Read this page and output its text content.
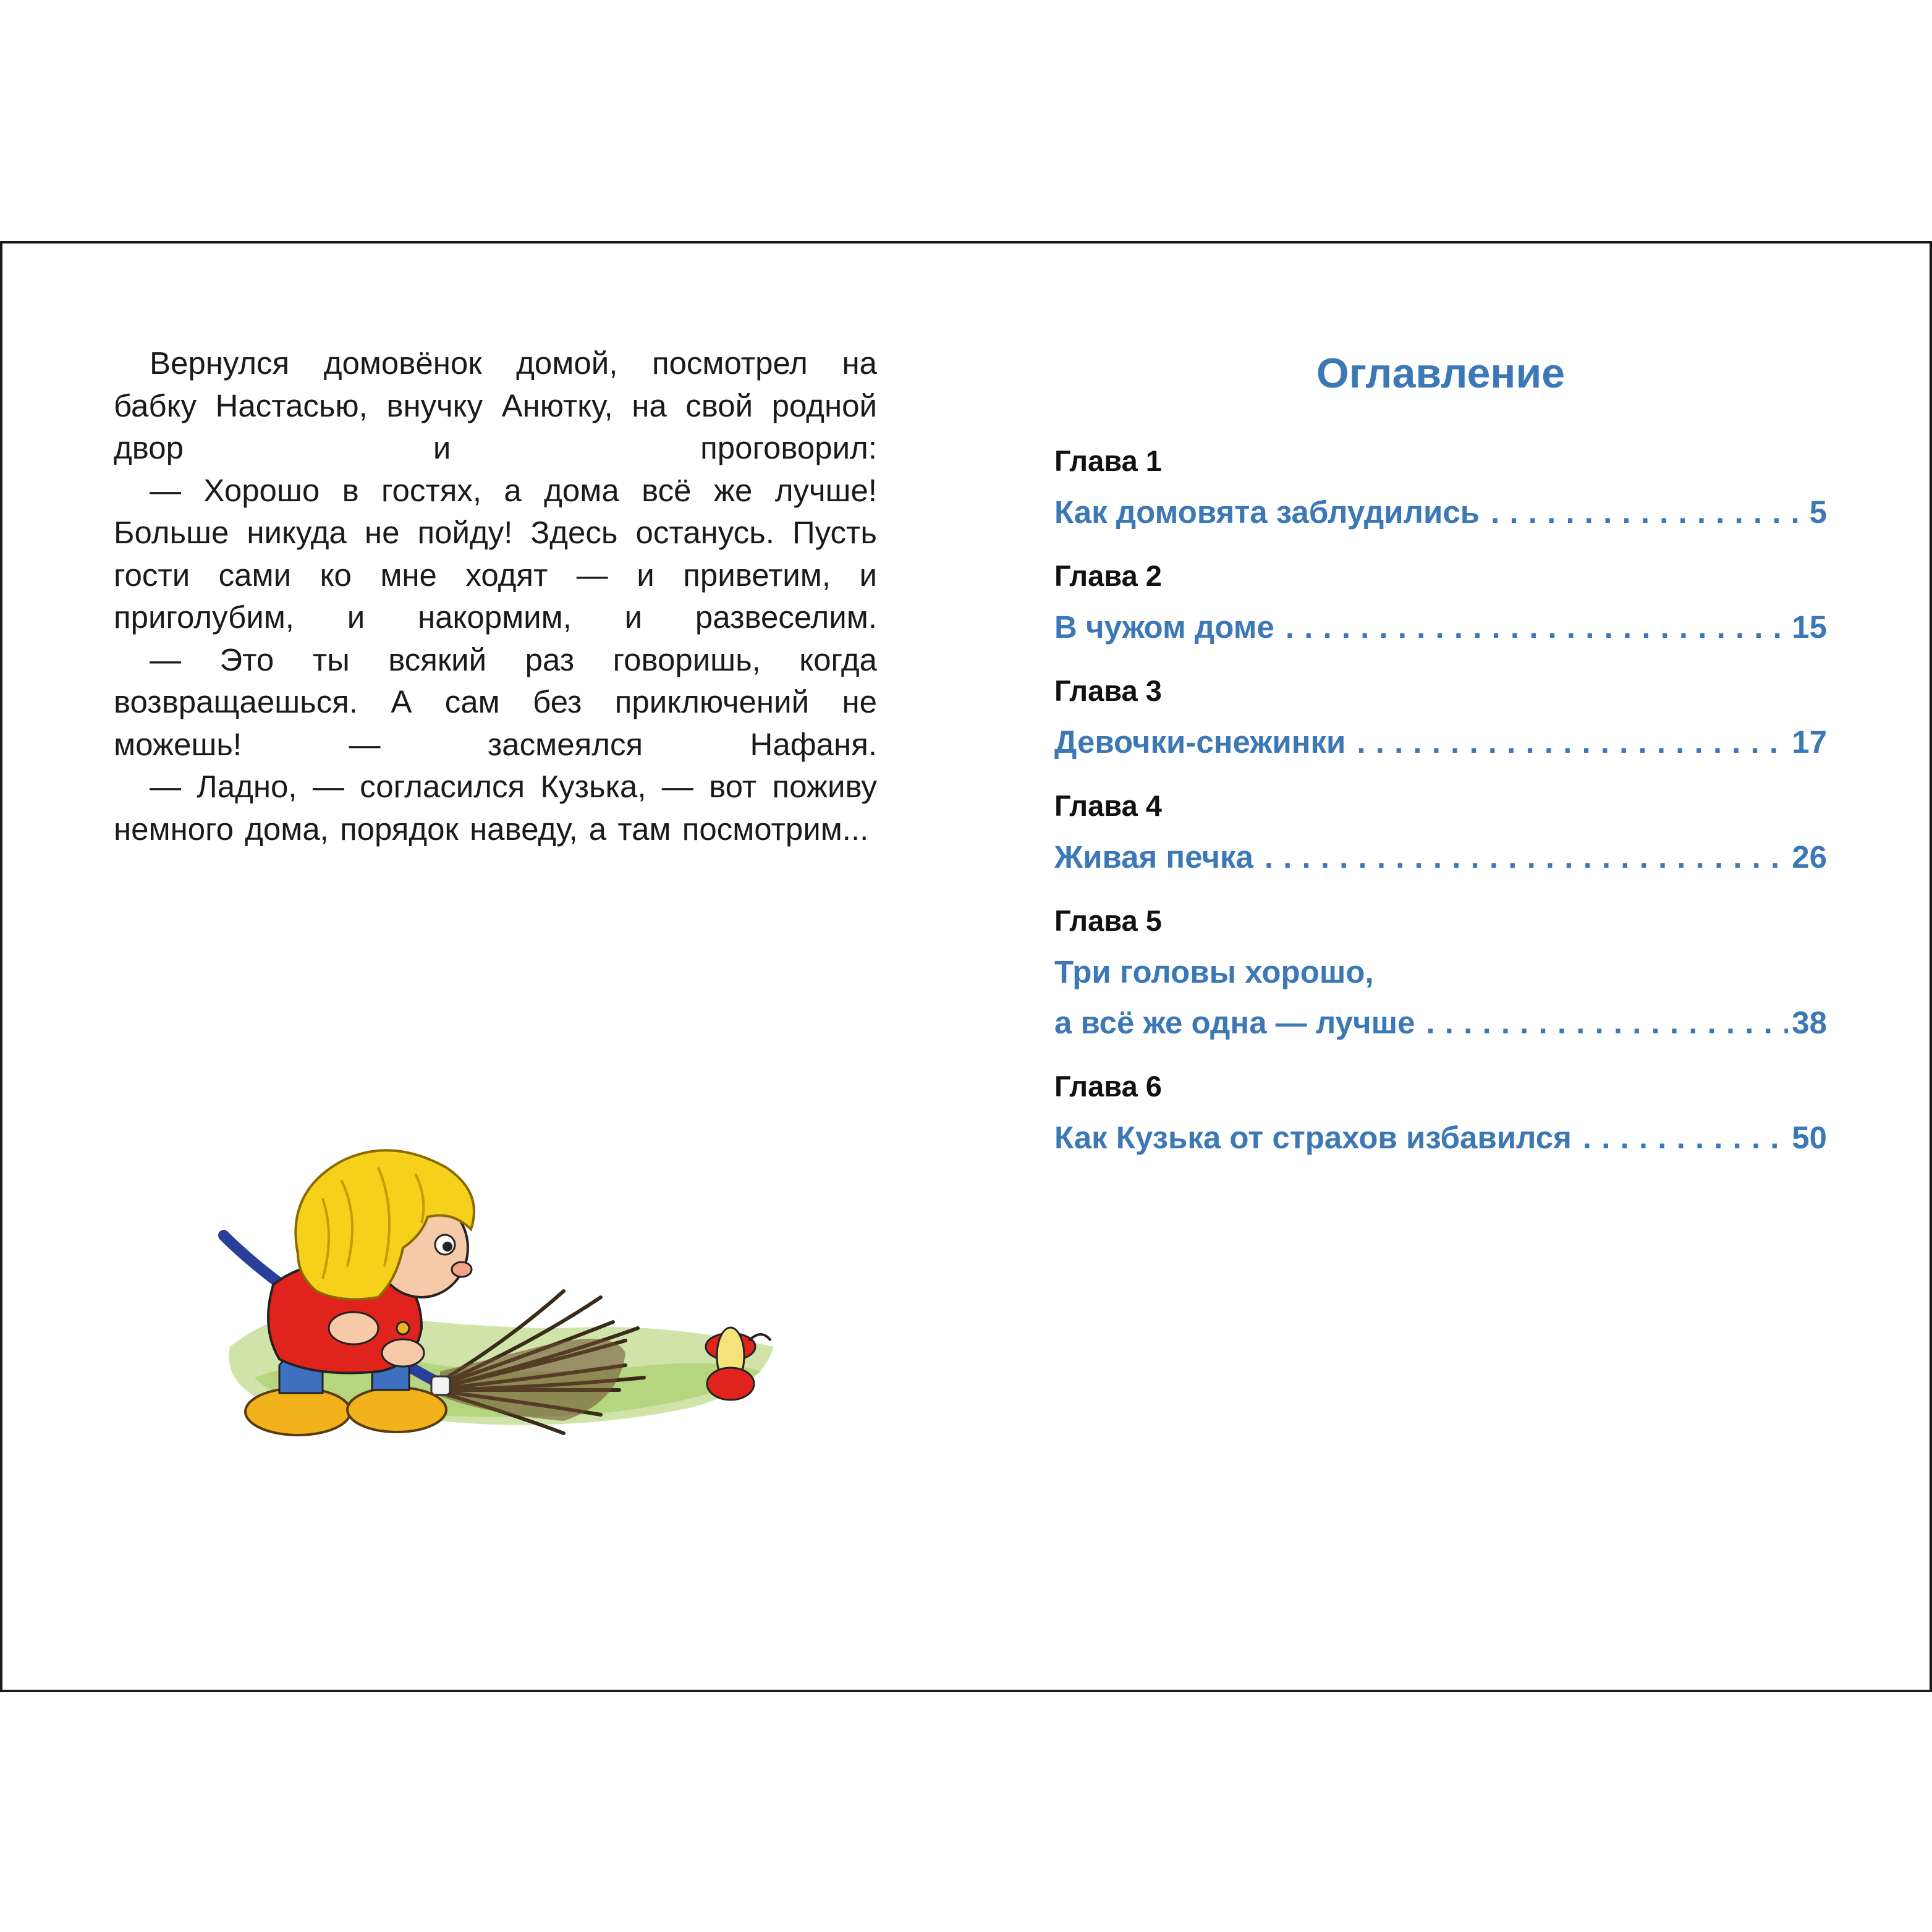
Вернулся домовёнок домой, посмотрел на бабку Настасью, внучку Анютку, на свой родной двор и проговорил:

— Хорошо в гостях, а дома всё же лучше! Больше никуда не пойду! Здесь останусь. Пусть гости сами ко мне ходят — и приветим, и приголубим, и накормим, и развеселим.

— Это ты всякий раз говоришь, когда возвращаешься. А сам без приключений не можешь! — засмеялся Нафаня.

— Ладно, — согласился Кузька, — вот поживу немного дома, порядок наведу, а там посмотрим...

Оглавление
Глава 1
Как домовята заблудились . . .	5
Глава 2
В чужом доме . . .	15
Глава 3
Девочки-снежинки . . .	17
Глава 4
Живая печка . . .	26
Глава 5
Три головы хорошо,
а всё же одна — лучше . . .	38
Глава 6
Как Кузька от страхов избавился . . .	50
